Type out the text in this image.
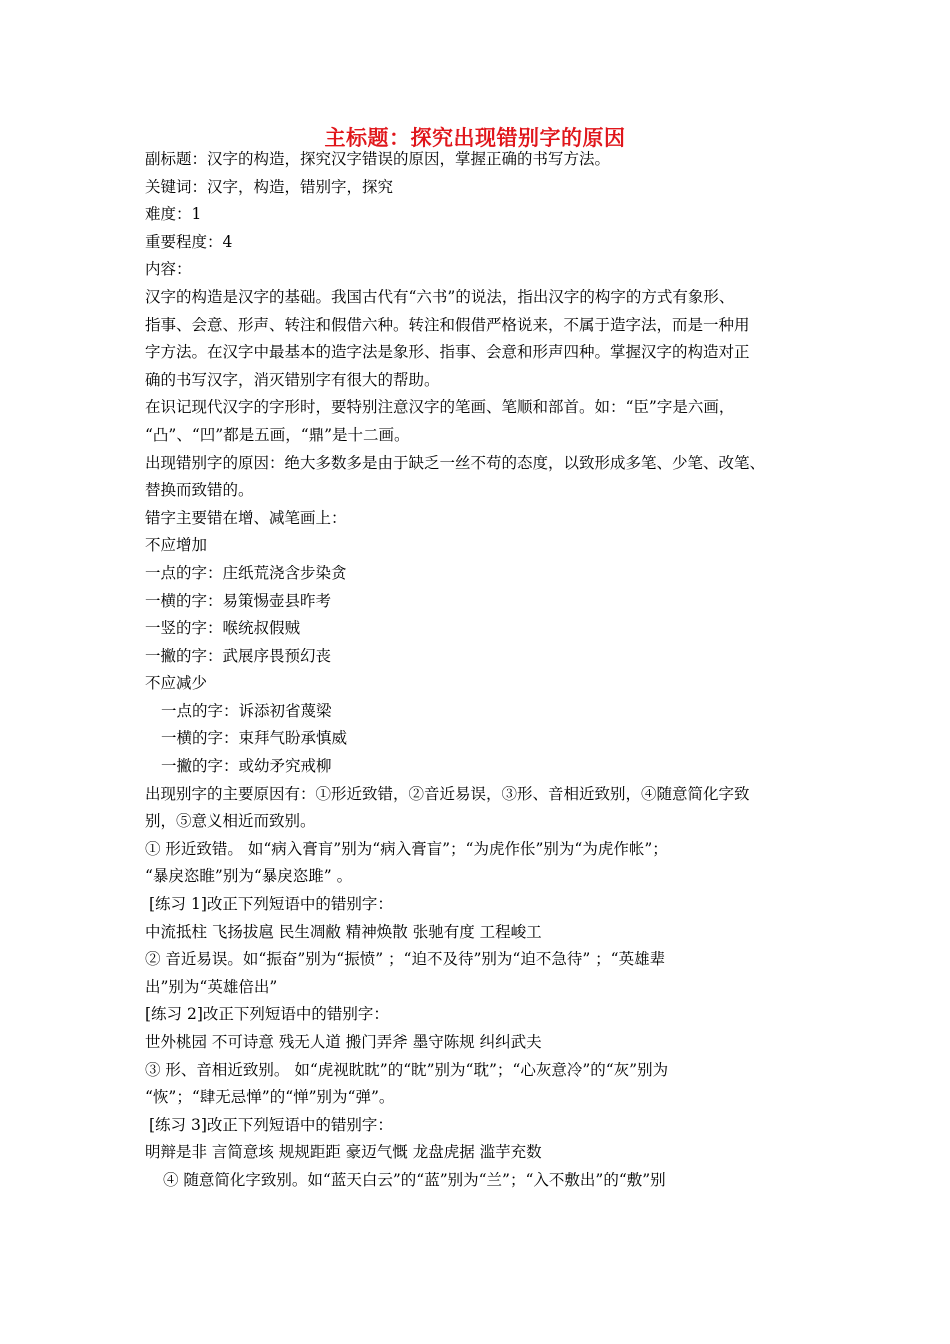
主标题：探究出现错别字的原因
副标题：汉字的构造，探究汉字错误的原因，掌握正确的书写方法。
关键词：汉字，构造，错别字，探究
难度：1
重要程度：4
内容：
汉字的构造是汉字的基础。我国古代有“六书”的说法，指出汉字的构字的方式有象形、
指事、会意、形声、转注和假借六种。转注和假借严格说来，不属于造字法，而是一种用
字方法。在汉字中最基本的造字法是象形、指事、会意和形声四种。掌握汉字的构造对正
确的书写汉字，消灭错别字有很大的帮助。
在识记现代汉字的字形时，要特别注意汉字的笔画、笔顺和部首。如：“臣”字是六画，
“凸”、“凹”都是五画，“鼎”是十二画。
出现错别字的原因：绝大多数多是由于缺乏一丝不苟的态度，以致形成多笔、少笔、改笔、
替换而致错的。
错字主要错在增、减笔画上：
不应增加
一点的字：庄纸荒浇含步染贪
一横的字：易策惕壶县昨考
一竖的字：喉统叔假贼
一撇的字：武展序畏预幻丧
不应减少
一点的字：诉添初省蔑梁
一横的字：束拜气盼承慎威
一撇的字：或幼矛究戒柳
出现别字的主要原因有：①形近致错，②音近易误，③形、音相近致别，④随意简化字致
别，⑤意义相近而致别。
① 形近致错。 如“病入膏肓”别为“病入膏盲”；“为虎作伥”别为“为虎作帐”；
“暴戾恣睢”别为“暴戾恣雎” 。
[练习 1]改正下列短语中的错别字：
中流抵柱 飞扬拔扈 民生凋敝 精神焕散 张驰有度 工程峻工
② 音近易误。如“振奋”别为“振愤” ；“迫不及待”别为“迫不急待” ；“英雄辈
出”别为“英雄倍出”
[练习 2]改正下列短语中的错别字：
世外桃园 不可诗意 残无人道 搬门弄斧 墨守陈规 纠纠武夫
③ 形、音相近致别。 如“虎视眈眈”的“眈”别为“耽”；“心灰意冷”的“灰”别为
“恢”；“肆无忌惮”的“惮”别为“弹”。
[练习 3]改正下列短语中的错别字：
明辩是非 言简意垓 规规距距 豪迈气慨 龙盘虎据 滥芋充数
④ 随意简化字致别。如“蓝天白云”的“蓝”别为“兰”；“入不敷出”的“敷”别
